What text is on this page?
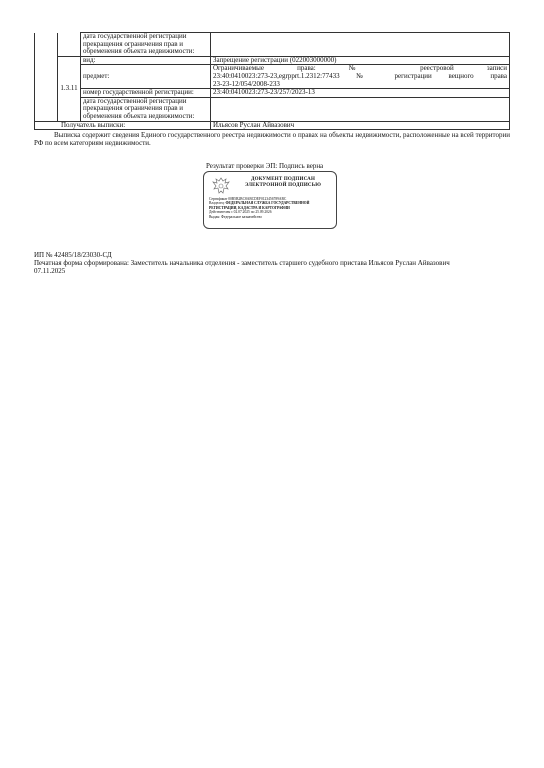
		дата государственной регистрации прекращения ограничения прав и обременения объекта недвижимости:	
	1.3.11	вид:	Запрещение регистрации (022003000000)
		предмет:	Ограничиваемые права: № реестровой записи
23:40:0410023:273-23,egrpprt.1.2312:77433 № регистрации вещного права
23-23-12/054/2008-233

		номер государственной регистрации:	23:40:0410023:273-23/257/2023-13
		дата государственной регистрации прекращения ограничения прав и обременения объекта недвижимости:	
Получатель выписки:			Ильясов Руслан Айвазович
Выписка содержит сведения Единого государственного реестра недвижимости о правах на объекты недвижимости, расположенные на всей территории РФ по всем категориям недвижимости.
Результат проверки ЭП: Подпись верна
ДОКУМЕНТ ПОДПИСАН
ЭЛЕКТРОННОЙ ПОДПИСЬЮ
Сертификат 00B5B2BC8ABCDEF0123456789ABC
Владелец: ФЕДЕРАЛЬНАЯ СЛУЖБА ГОСУДАРСТВЕННОЙ РЕГИСТРАЦИИ, КАДАСТРА И КАРТОГРАФИИ
Действителен с 02.07.2025 по 25.09.2026
Выдан: Федеральное казначейство
ИП № 42485/18/23030-СД
Печатная форма сформирована: Заместитель начальника отделения - заместитель старшего судебного пристава Ильясов Руслан Айвазович
07.11.2025
